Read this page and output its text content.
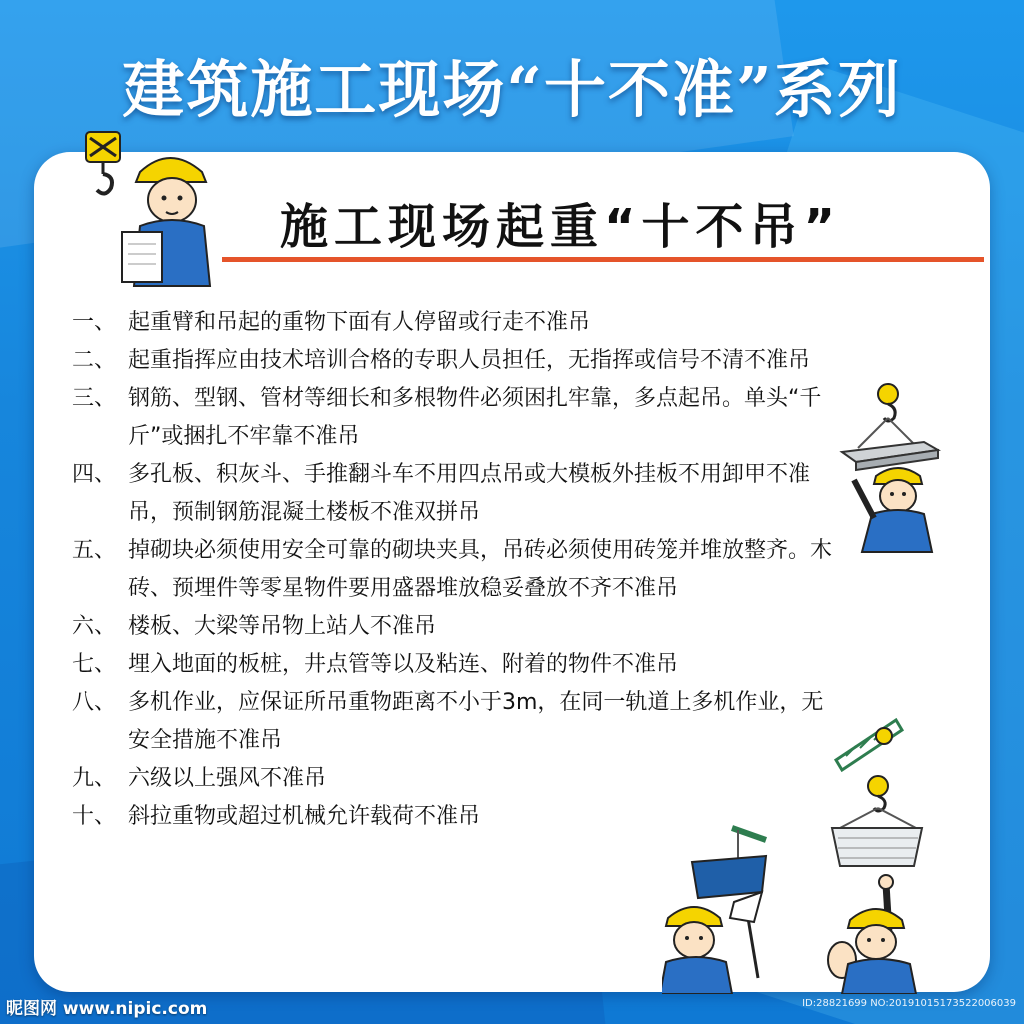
建筑施工现场“十不准”系列
施工现场起重“十不吊”
一、 起重臂和吊起的重物下面有人停留或行走不准吊
二、 起重指挥应由技术培训合格的专职人员担任，无指挥或信号不清不准吊
三、 钢筋、型钢、管材等细长和多根物件必须困扎牢靠，多点起吊。单头“千斤”或捆扎不牢靠不准吊
四、 多孔板、积灰斗、手推翻斗车不用四点吊或大模板外挂板不用卸甲不准吊，预制钢筋混凝土楼板不准双拼吊
五、 掉砌块必须使用安全可靠的砌块夹具，吊砖必须使用砖笼并堆放整齐。木砖、预埋件等零星物件要用盛器堆放稳妥叠放不齐不准吊
六、 楼板、大梁等吊物上站人不准吊
七、 埋入地面的板桩，井点管等以及粘连、附着的物件不准吊
八、 多机作业，应保证所吊重物距离不小于3m，在同一轨道上多机作业，无安全措施不准吊
九、 六级以上强风不准吊
十、 斜拉重物或超过机械允许载荷不准吊
昵图网 www.nipic.com	ID:28821699 NO:20191015173522006039
